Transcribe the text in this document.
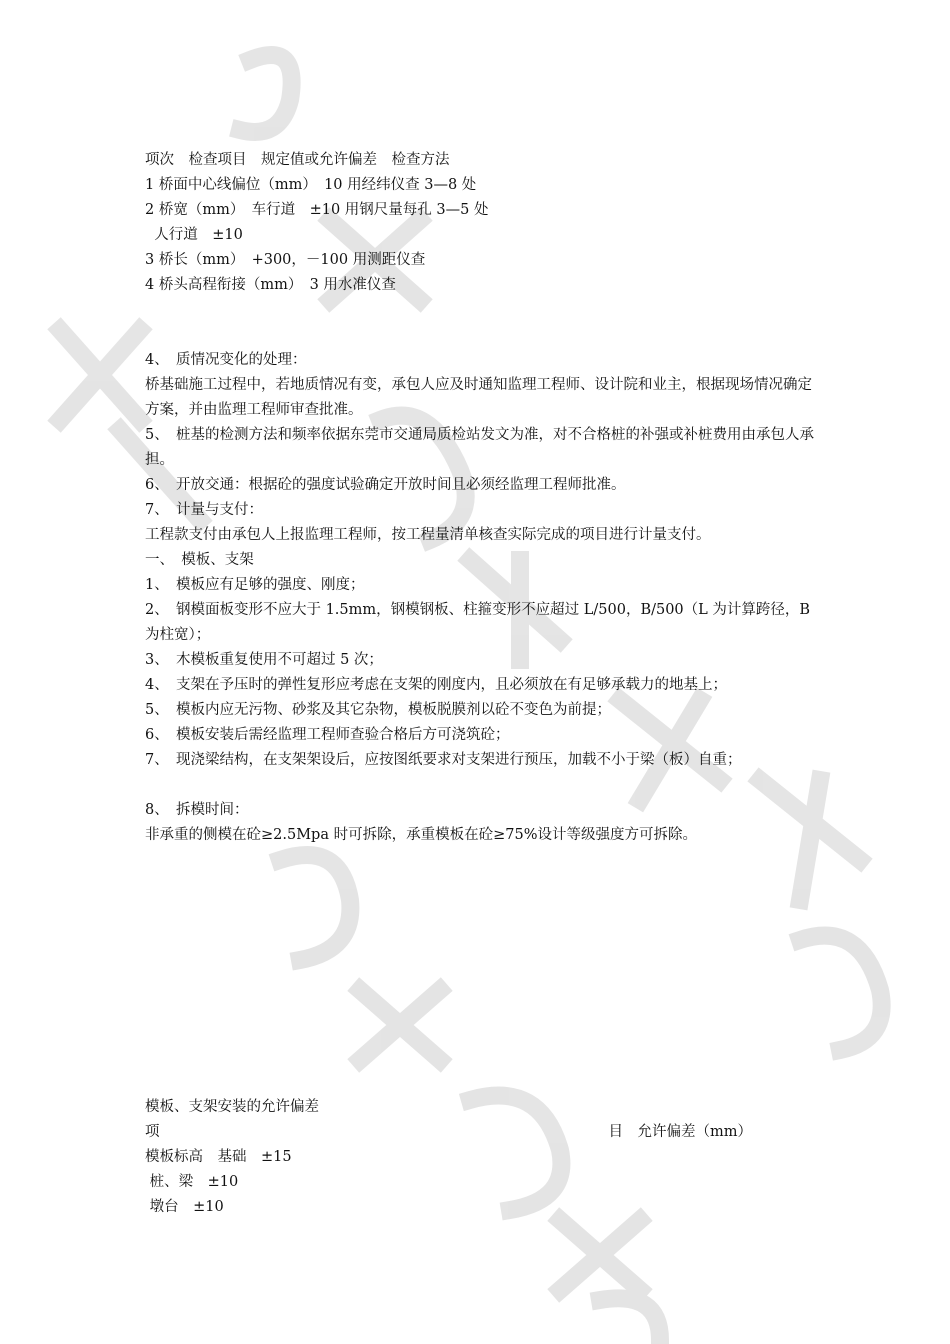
项次　检查项目　规定值或允许偏差　检查方法
1 桥面中心线偏位（mm）　10 用经纬仪查 3—8 处
2 桥宽（mm）　车行道　±10 用钢尺量每孔 3—5 处
人行道　±10
3 桥长（mm）　+300，－100 用测距仪查
4 桥头高程衔接（mm）　3 用水准仪查
4、　质情况变化的处理：
桥基础施工过程中，若地质情况有变，承包人应及时通知监理工程师、设计院和业主，根据现场情况确定方案，并由监理工程师审查批准。
5、　桩基的检测方法和频率依据东莞市交通局质检站发文为准，对不合格桩的补强或补桩费用由承包人承担。
6、　开放交通：根据砼的强度试验确定开放时间且必须经监理工程师批准。
7、　计量与支付：
工程款支付由承包人上报监理工程师，按工程量清单核查实际完成的项目进行计量支付。
一、　模板、支架
1、　模板应有足够的强度、刚度；
2、　钢模面板变形不应大于 1.5mm，钢模钢板、柱箍变形不应超过 L/500，B/500（L 为计算跨径，B 为柱宽）；
3、　木模板重复使用不可超过 5 次；
4、　支架在予压时的弹性复形应考虑在支架的刚度内，且必须放在有足够承载力的地基上；
5、　模板内应无污物、砂浆及其它杂物，模板脱膜剂以砼不变色为前提；
6、　模板安装后需经监理工程师查验合格后方可浇筑砼；
7、　现浇梁结构，在支架架设后，应按图纸要求对支架进行预压，加载不小于梁（板）自重；
8、　拆模时间：
非承重的侧模在砼≥2.5Mpa 时可拆除，承重模板在砼≥75%设计等级强度方可拆除。
模板、支架安装的允许偏差
项	目　允许偏差（mm）
模板标高　基础　±15
桩、梁　±10
墩台　±10
